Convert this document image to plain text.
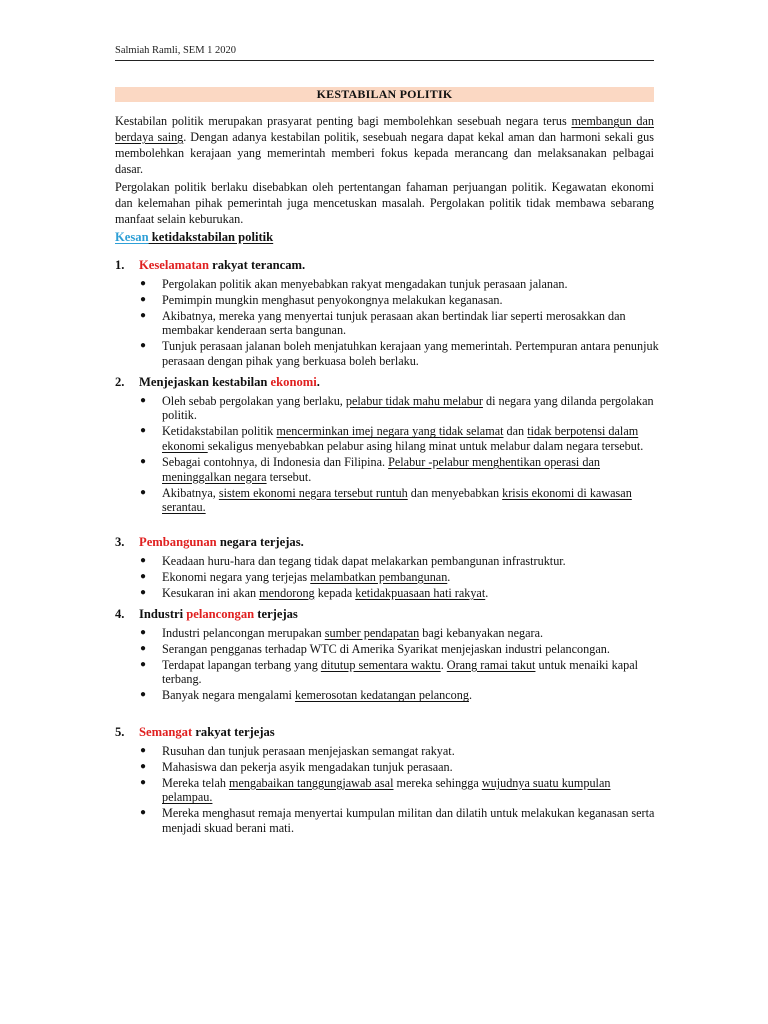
Salmiah Ramli, SEM 1 2020
KESTABILAN POLITIK

Kestabilan politik merupakan prasyarat penting bagi membolehkan sesebuah negara terus membangun dan berdaya saing. Dengan adanya kestabilan politik, sesebuah negara dapat kekal aman dan harmoni sekali gus membolehkan kerajaan yang memerintah memberi fokus kepada merancang dan melaksanakan pelbagai dasar.

Pergolakan politik berlaku disebabkan oleh pertentangan fahaman perjuangan politik. Kegawatan ekonomi dan kelemahan pihak pemerintah juga mencetuskan masalah. Pergolakan politik tidak membawa sebarang manfaat selain keburukan.

Kesan ketidakstabilan politik
1. Keselamatan rakyat terancam.
● Pergolakan politik akan menyebabkan rakyat mengadakan tunjuk perasaan jalanan.
● Pemimpin mungkin menghasut penyokongnya melakukan keganasan.
● Akibatnya, mereka yang menyertai tunjuk perasaan akan bertindak liar seperti merosakkan dan membakar kenderaan serta bangunan.
● Tunjuk perasaan jalanan boleh menjatuhkan kerajaan yang memerintah. Pertempuran antara penunjuk perasaan dengan pihak yang berkuasa boleh berlaku.
2. Menjejaskan kestabilan ekonomi.
● Oleh sebab pergolakan yang berlaku, pelabur tidak mahu melabur di negara yang dilanda pergolakan politik.
● Ketidakstabilan politik mencerminkan imej negara yang tidak selamat dan tidak berpotensi dalam ekonomi sekaligus menyebabkan pelabur asing hilang minat untuk melabur dalam negara tersebut.
● Sebagai contohnya, di Indonesia dan Filipina. Pelabur -pelabur menghentikan operasi dan meninggalkan negara tersebut.
● Akibatnya, sistem ekonomi negara tersebut runtuh dan menyebabkan krisis ekonomi di kawasan serantau.
3. Pembangunan negara terjejas.
● Keadaan huru-hara dan tegang tidak dapat melakarkan pembangunan infrastruktur.
● Ekonomi negara yang terjejas melambatkan pembangunan.
● Kesukaran ini akan mendorong kepada ketidakpuasaan hati rakyat.
4. Industri pelancongan terjejas
● Industri pelancongan merupakan sumber pendapatan bagi kebanyakan negara.
● Serangan pengganas terhadap WTC di Amerika Syarikat menjejaskan industri pelancongan.
● Terdapat lapangan terbang yang ditutup sementara waktu. Orang ramai takut untuk menaiki kapal terbang.
● Banyak negara mengalami kemerosotan kedatangan pelancong.
5. Semangat rakyat terjejas
● Rusuhan dan tunjuk perasaan menjejaskan semangat rakyat.
● Mahasiswa dan pekerja asyik mengadakan tunjuk perasaan.
● Mereka telah mengabaikan tanggungjawab asal mereka sehingga wujudnya suatu kumpulan pelampau.
● Mereka menghasut remaja menyertai kumpulan militan dan dilatih untuk melakukan keganasan serta menjadi skuad berani mati.
